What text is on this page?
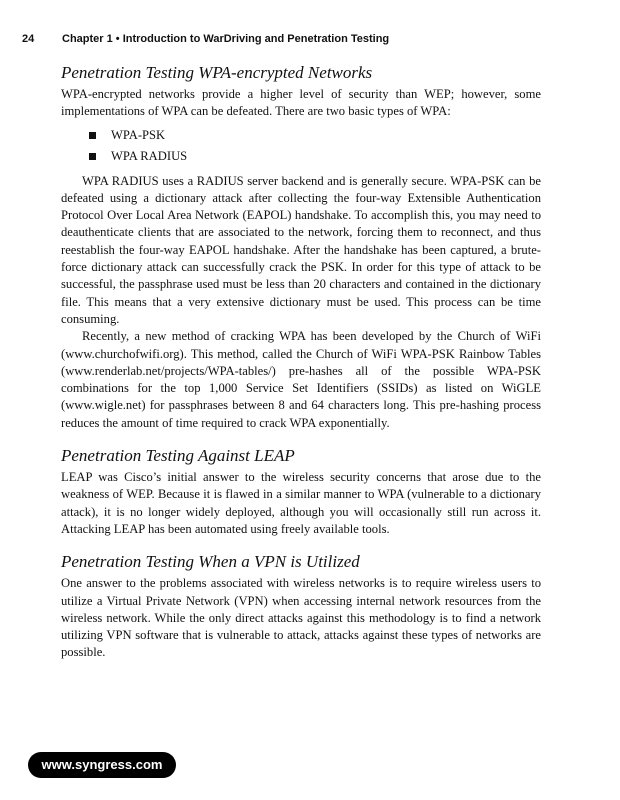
24	Chapter 1 • Introduction to WarDriving and Penetration Testing
Penetration Testing WPA-encrypted Networks

WPA-encrypted networks provide a higher level of security than WEP; however, some implementations of WPA can be defeated. There are two basic types of WPA:

WPA-PSK
WPA RADIUS

WPA RADIUS uses a RADIUS server backend and is generally secure. WPA-PSK can be defeated using a dictionary attack after collecting the four-way Extensible Authentication Protocol Over Local Area Network (EAPOL) handshake. To accomplish this, you may need to deauthenticate clients that are associated to the network, forcing them to reconnect, and thus reestablish the four-way EAPOL handshake. After the handshake has been captured, a brute-force dictionary attack can successfully crack the PSK. In order for this type of attack to be successful, the passphrase used must be less than 20 characters and contained in the dictionary file. This means that a very extensive dictionary must be used. This process can be time consuming.

Recently, a new method of cracking WPA has been developed by the Church of WiFi (www.churchofwifi.org). This method, called the Church of WiFi WPA-PSK Rainbow Tables (www.renderlab.net/projects/WPA-tables/) pre-hashes all of the possible WPA-PSK combinations for the top 1,000 Service Set Identifiers (SSIDs) as listed on WiGLE (www.wigle.net) for passphrases between 8 and 64 characters long. This pre-hashing process reduces the amount of time required to crack WPA exponentially.

Penetration Testing Against LEAP

LEAP was Cisco’s initial answer to the wireless security concerns that arose due to the weakness of WEP. Because it is flawed in a similar manner to WPA (vulnerable to a dictionary attack), it is no longer widely deployed, although you will occasionally still run across it. Attacking LEAP has been automated using freely available tools.

Penetration Testing When a VPN is Utilized

One answer to the problems associated with wireless networks is to require wireless users to utilize a Virtual Private Network (VPN) when accessing internal network resources from the wireless network. While the only direct attacks against this methodology is to find a network utilizing VPN software that is vulnerable to attack, attacks against these types of networks are possible.

www.syngress.com
